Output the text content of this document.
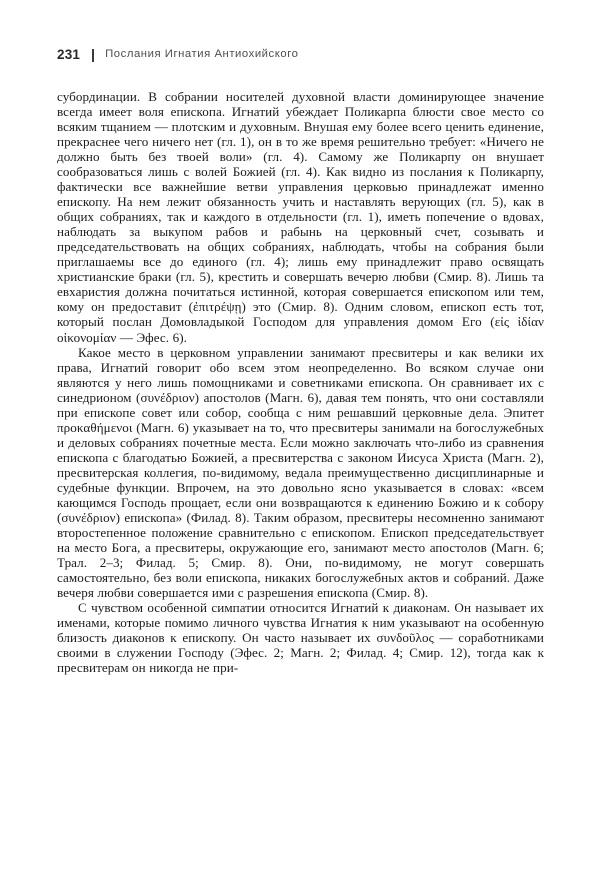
231 Послания Игнатия Антиохийского

субординации. В собрании носителей духовной власти доминирующее значение всегда имеет воля епископа. Игнатий убеждает Поликарпа блюсти свое место со всяким тщанием — плотским и духовным. Внушая ему более всего ценить единение, прекраснее чего ничего нет (гл. 1), он в то же время решительно требует: «Ничего не должно быть без твоей воли» (гл. 4). Самому же Поликарпу он внушает сообразоваться лишь с волей Божией (гл. 4). Как видно из послания к Поликарпу, фактически все важнейшие ветви управления церковью принадлежат именно епископу. На нем лежит обязанность учить и наставлять верующих (гл. 5), как в общих собраниях, так и каждого в отдельности (гл. 1), иметь попечение о вдовах, наблюдать за выкупом рабов и рабынь на церковный счет, созывать и председательствовать на общих собраниях, наблюдать, чтобы на собрания были приглашаемы все до единого (гл. 4); лишь ему принадлежит право освящать христианские браки (гл. 5), крестить и совершать вечерю любви (Смир. 8). Лишь та евхаристия должна почитаться истинной, которая совершается епископом или тем, кому он предоставит (ἐπιτρέψῃ) это (Смир. 8). Одним словом, епископ есть тот, который послан Домовладыкой Господом для управления домом Его (εἰς ἰδίαν οἰκονομίαν — Эфес. 6).

Какое место в церковном управлении занимают пресвитеры и как велики их права, Игнатий говорит обо всем этом неопределенно. Во всяком случае они являются у него лишь помощниками и советниками епископа. Он сравнивает их с синедрионом (συνέδριον) апостолов (Магн. 6), давая тем понять, что они составляли при епископе совет или собор, сообща с ним решавший церковные дела. Эпитет προκαθήμενοι (Магн. 6) указывает на то, что пресвитеры занимали на богослужебных и деловых собраниях почетные места. Если можно заключать что-либо из сравнения епископа с благодатью Божией, а пресвитерства с законом Иисуса Христа (Магн. 2), пресвитерская коллегия, по-видимому, ведала преимущественно дисциплинарные и судебные функции. Впрочем, на это довольно ясно указывается в словах: «всем кающимся Господь прощает, если они возвращаются к единению Божию и к собору (συνέδριον) епископа» (Филад. 8). Таким образом, пресвитеры несомненно занимают второстепенное положение сравнительно с епископом. Епископ председательствует на место Бога, а пресвитеры, окружающие его, занимают место апостолов (Магн. 6; Трал. 2–3; Филад. 5; Смир. 8). Они, по-видимому, не могут совершать самостоятельно, без воли епископа, никаких богослужебных актов и собраний. Даже вечеря любви совершается ими с разрешения епископа (Смир. 8).

С чувством особенной симпатии относится Игнатий к диаконам. Он называет их именами, которые помимо личного чувства Игнатия к ним указывают на особенную близость диаконов к епископу. Он часто называет их συνδοῦλος — соработниками своими в служении Господу (Эфес. 2; Магн. 2; Филад. 4; Смир. 12), тогда как к пресвитерам он никогда не при-
